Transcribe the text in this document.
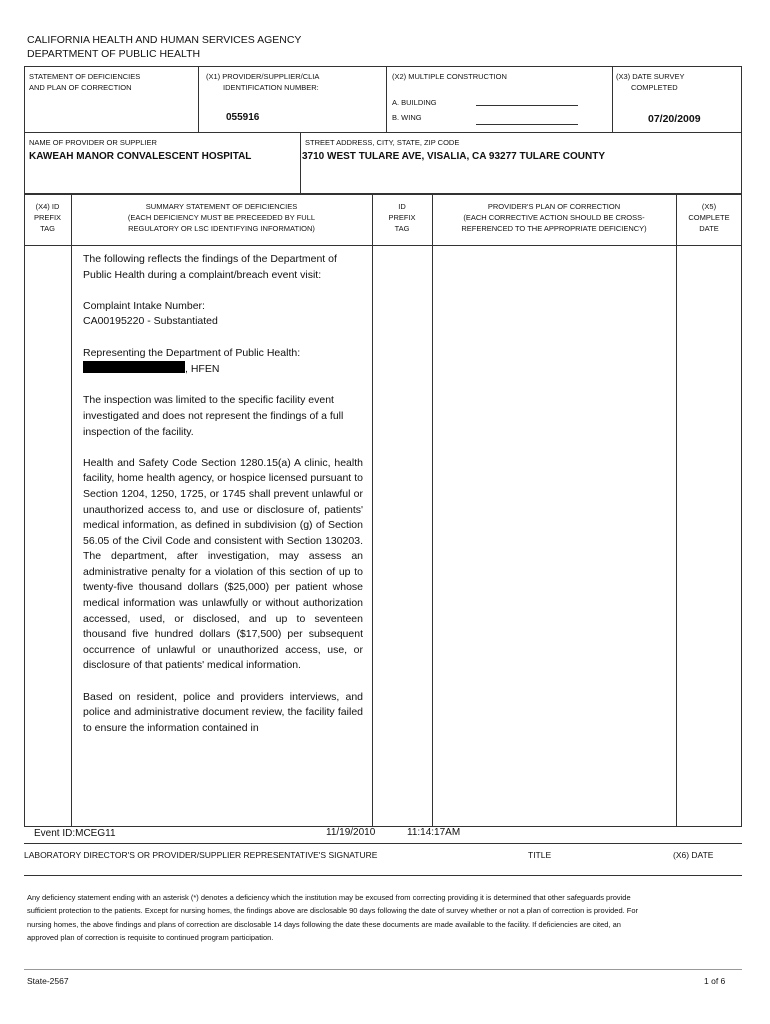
CALIFORNIA HEALTH AND HUMAN SERVICES AGENCY
DEPARTMENT OF PUBLIC HEALTH
STATEMENT OF DEFICIENCIES
AND PLAN OF CORRECTION
(X1) PROVIDER/SUPPLIER/CLIA
IDENTIFICATION NUMBER:
055916
(X2) MULTIPLE CONSTRUCTION
A. BUILDING
B. WING
(X3) DATE SURVEY
COMPLETED
07/20/2009
NAME OF PROVIDER OR SUPPLIER
KAWEAH MANOR CONVALESCENT HOSPITAL
STREET ADDRESS, CITY, STATE, ZIP CODE
3710 WEST TULARE AVE, VISALIA, CA 93277 TULARE COUNTY
(X4) ID
PREFIX
TAG
SUMMARY STATEMENT OF DEFICIENCIES
(EACH DEFICIENCY MUST BE PRECEEDED BY FULL
REGULATORY OR LSC IDENTIFYING INFORMATION)
ID
PREFIX
TAG
PROVIDER'S PLAN OF CORRECTION
(EACH CORRECTIVE ACTION SHOULD BE CROSS-
REFERENCED TO THE APPROPRIATE DEFICIENCY)
(X5)
COMPLETE
DATE

The following reflects the findings of the Department of Public Health during a complaint/breach event visit:

Complaint Intake Number:
CA00195220 - Substantiated

Representing the Department of Public Health:
, HFEN

The inspection was limited to the specific facility event investigated and does not represent the findings of a full inspection of the facility.

Health and Safety Code Section 1280.15(a) A clinic, health facility, home health agency, or hospice licensed pursuant to Section 1204, 1250, 1725, or 1745 shall prevent unlawful or unauthorized access to, and use or disclosure of, patients' medical information, as defined in subdivision (g) of Section 56.05 of the Civil Code and consistent with Section 130203. The department, after investigation, may assess an administrative penalty for a violation of this section of up to twenty-five thousand dollars ($25,000) per patient whose medical information was unlawfully or without authorization accessed, used, or disclosed, and up to seventeen thousand five hundred dollars ($17,500) per subsequent occurrence of unlawful or unauthorized access, use, or disclosure of that patients' medical information.

Based on resident, police and providers interviews, and police and administrative document review, the facility failed to ensure the information contained in

Event ID:MCEG11	11/19/2010	11:14:17AM
LABORATORY DIRECTOR'S OR PROVIDER/SUPPLIER REPRESENTATIVE'S SIGNATURE	TITLE	(X6) DATE
Any deficiency statement ending with an asterisk (*) denotes a deficiency which the institution may be excused from correcting providing it is determined that other safeguards provide sufficient protection to the patients. Except for nursing homes, the findings above are disclosable 90 days following the date of survey whether or not a plan of correction is provided. For nursing homes, the above findings and plans of correction are disclosable 14 days following the date these documents are made available to the facility. If deficiencies are cited, an approved plan of correction is requisite to continued program participation.
State-2567	1 of 6
